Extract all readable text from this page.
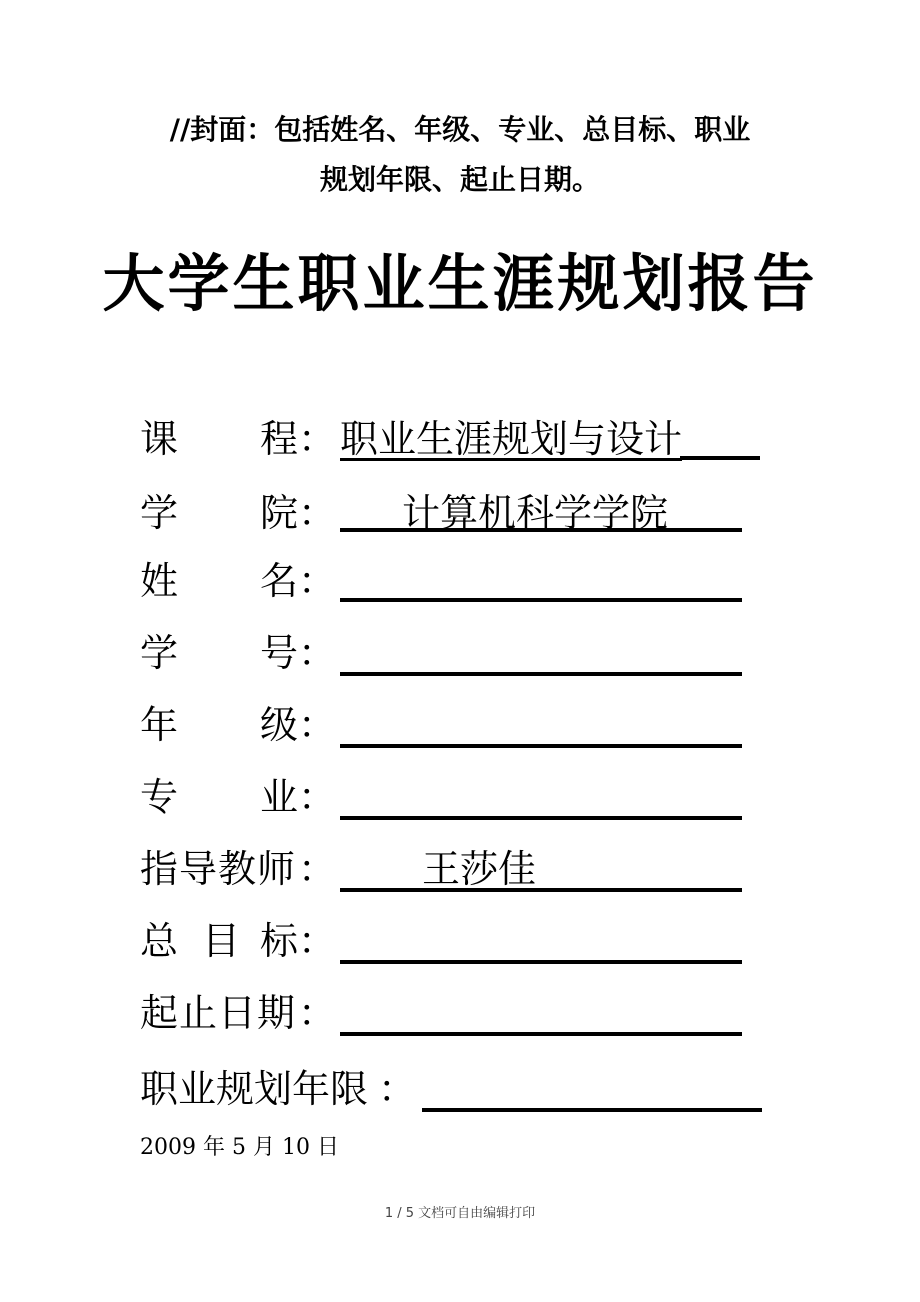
//封面：包括姓名、年级、专业、总目标、职业
规划年限、起止日期。
大学生职业生涯规划报告
课 程 ： 职业生涯规划与设计
学 院 ： 计算机科学学院
姓 名 ：
学 号 ：
年 级 ：
专 业 ：
指导教师 ： 王莎佳
总 目 标 ：
起止日期 ：
职业规划年限 ：
2009 年 5 月 10 日
1 / 5 文档可自由编辑打印
